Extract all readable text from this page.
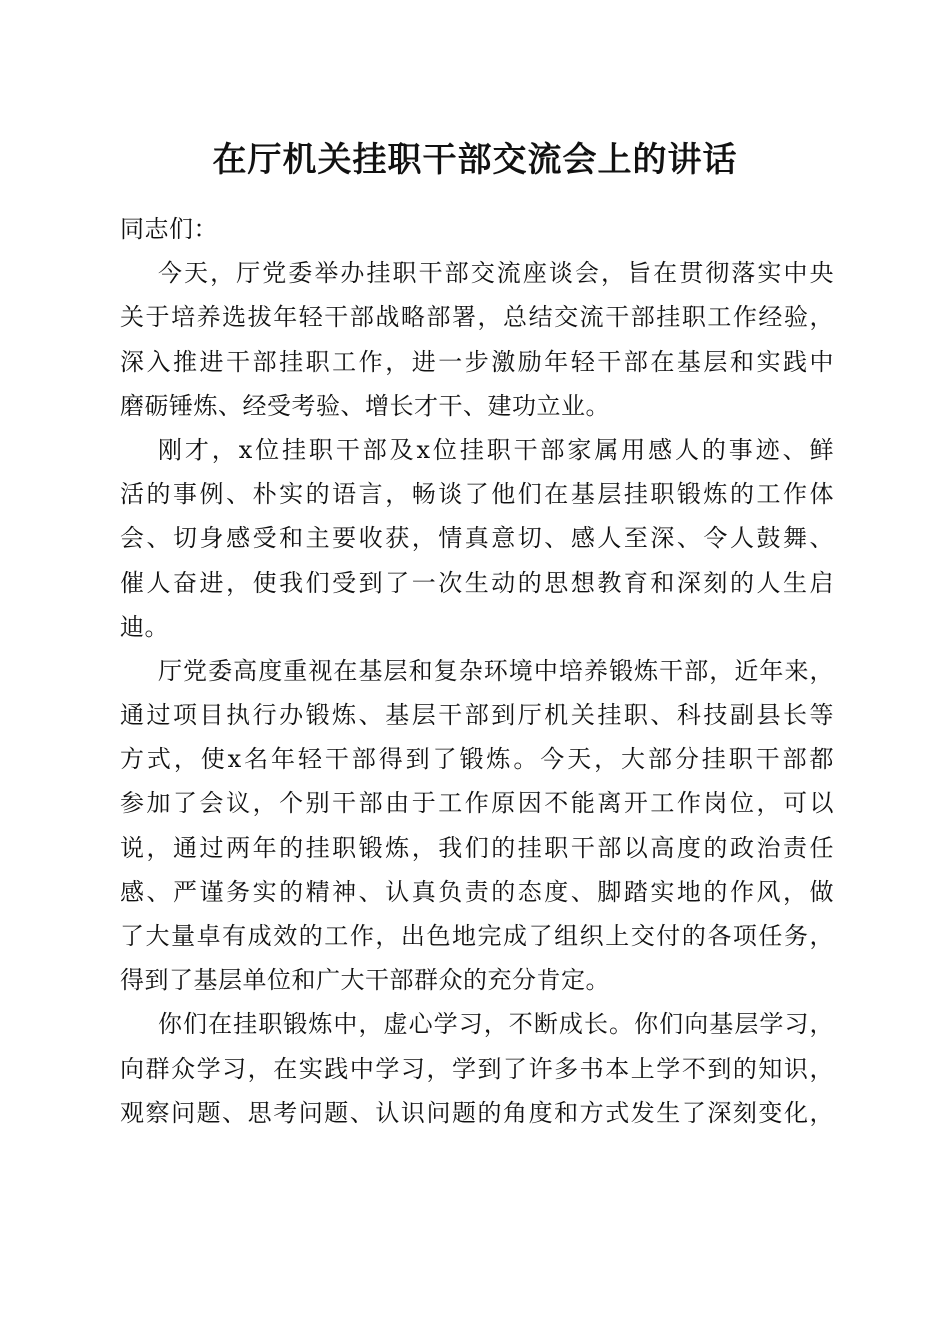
在厅机关挂职干部交流会上的讲话
同志们：
今天，厅党委举办挂职干部交流座谈会，旨在贯彻落实中央
关于培养选拔年轻干部战略部署，总结交流干部挂职工作经验，
深入推进干部挂职工作，进一步激励年轻干部在基层和实践中
磨砺锤炼、经受考验、增长才干、建功立业。
刚才，x位挂职干部及x位挂职干部家属用感人的事迹、鲜
活的事例、朴实的语言，畅谈了他们在基层挂职锻炼的工作体
会、切身感受和主要收获，情真意切、感人至深、令人鼓舞、
催人奋进，使我们受到了一次生动的思想教育和深刻的人生启
迪。
厅党委高度重视在基层和复杂环境中培养锻炼干部，近年来，
通过项目执行办锻炼、基层干部到厅机关挂职、科技副县长等
方式，使x名年轻干部得到了锻炼。今天，大部分挂职干部都
参加了会议，个别干部由于工作原因不能离开工作岗位，可以
说，通过两年的挂职锻炼，我们的挂职干部以高度的政治责任
感、严谨务实的精神、认真负责的态度、脚踏实地的作风，做
了大量卓有成效的工作，出色地完成了组织上交付的各项任务，
得到了基层单位和广大干部群众的充分肯定。
你们在挂职锻炼中，虚心学习，不断成长。你们向基层学习，
向群众学习，在实践中学习，学到了许多书本上学不到的知识，
观察问题、思考问题、认识问题的角度和方式发生了深刻变化，
